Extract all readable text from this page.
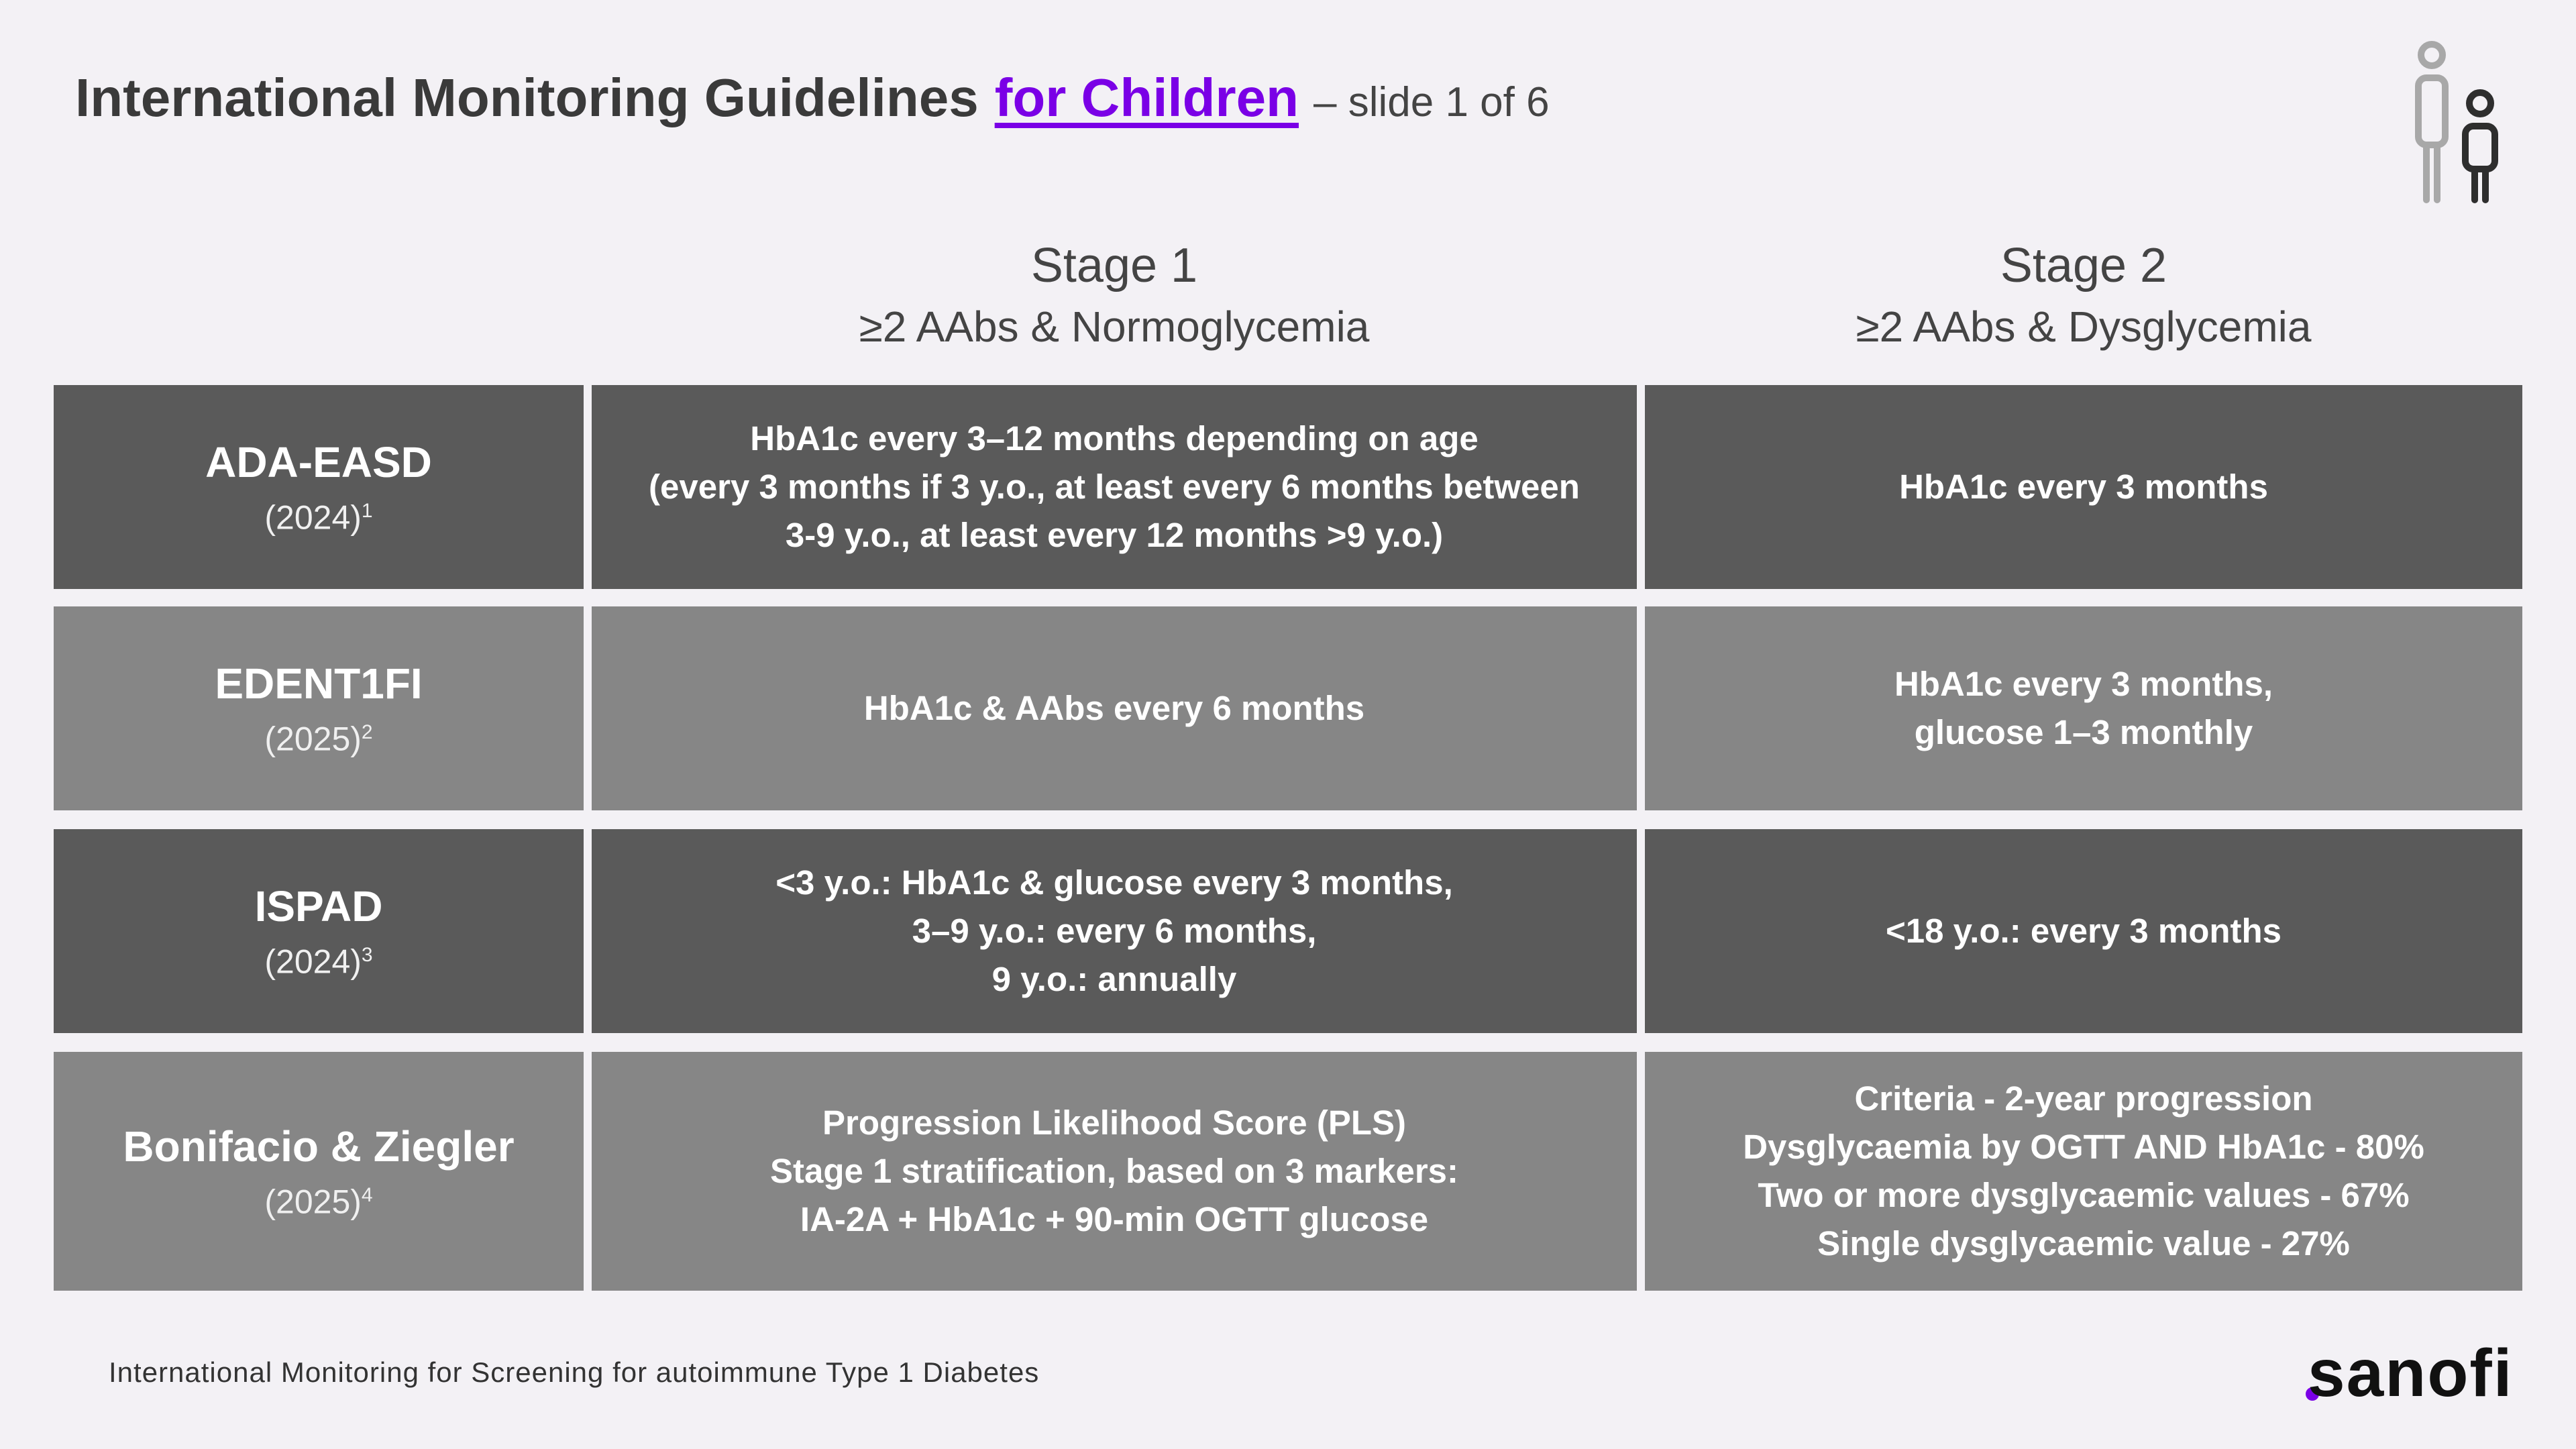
International Monitoring Guidelines for Children – slide 1 of 6
Stage 1
≥2 AAbs & Normoglycemia
Stage 2
≥2 AAbs & Dysglycemia
ADA-EASD
$(2024)^1$
HbA1c every 3–12 months depending on age
(every 3 months if 3 y.o., at least every 6 months between
3-9 y.o., at least every 12 months >9 y.o.)
HbA1c every 3 months
EDENT1FI
$(2025)^2$
HbA1c & AAbs every 6 months
HbA1c every 3 months,
glucose 1–3 monthly
ISPAD
$(2024)^3$
<3 y.o.: HbA1c & glucose every 3 months,
3–9 y.o.: every 6 months,
9 y.o.: annually
<18 y.o.: every 3 months
Bonifacio & Ziegler
$(2025)^4$
Progression Likelihood Score (PLS)
Stage 1 stratification, based on 3 markers:
IA-2A + HbA1c + 90-min OGTT glucose
Criteria - 2-year progression
Dysglycaemia by OGTT AND HbA1c - 80%
Two or more dysglycaemic values - 67%
Single dysglycaemic value - 27%
International Monitoring for Screening for autoimmune Type 1 Diabetes	sanofi
